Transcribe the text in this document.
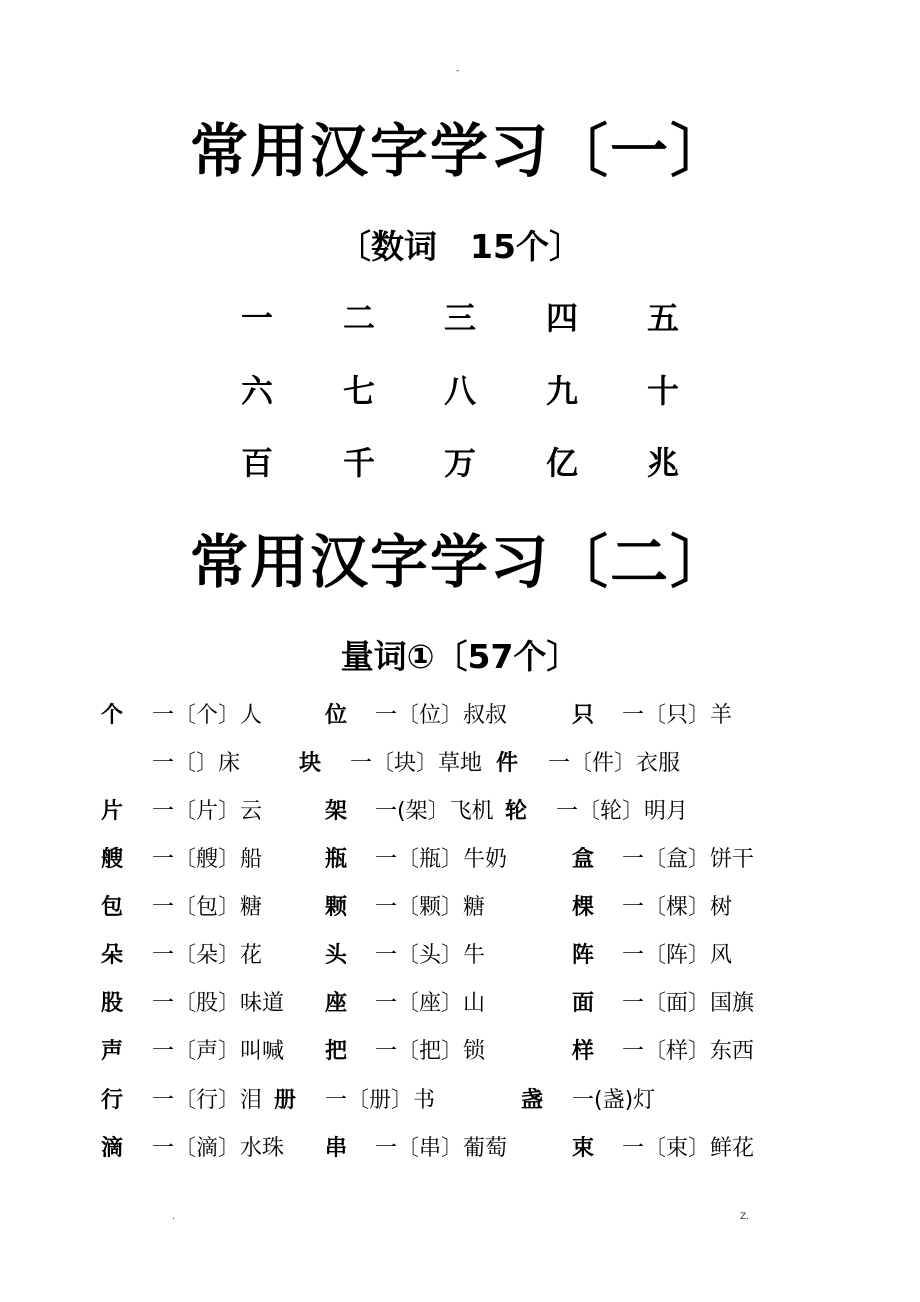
-
.	Z.
常用汉字学习〔一〕
〔数词　15个〕
一	二	三	四	五
六	七	八	九	十
百	千	万	亿	兆
常用汉字学习〔二〕
量词①〔57个〕
个 一〔个〕人	位 一〔位〕叔叔	只 一〔只〕羊
一〔〕床	块 一〔块〕草地 件 一〔件〕衣服
片 一〔片〕云	架 一(架〕飞机 轮 一〔轮〕明月
艘 一〔艘〕船	瓶 一〔瓶〕牛奶	盒 一〔盒〕饼干
包 一〔包〕糖	颗 一〔颗〕糖	棵 一〔棵〕树
朵 一〔朵〕花	头 一〔头〕牛	阵 一〔阵〕风
股 一〔股〕味道 座 一〔座〕山	面 一〔面〕国旗
声 一〔声〕叫喊 把 一〔把〕锁	样 一〔样〕东西
行 一〔行〕泪 册 一〔册〕书	盏 一(盏)灯
滴 一〔滴〕水珠 串 一〔串〕葡萄	束 一〔束〕鲜花
